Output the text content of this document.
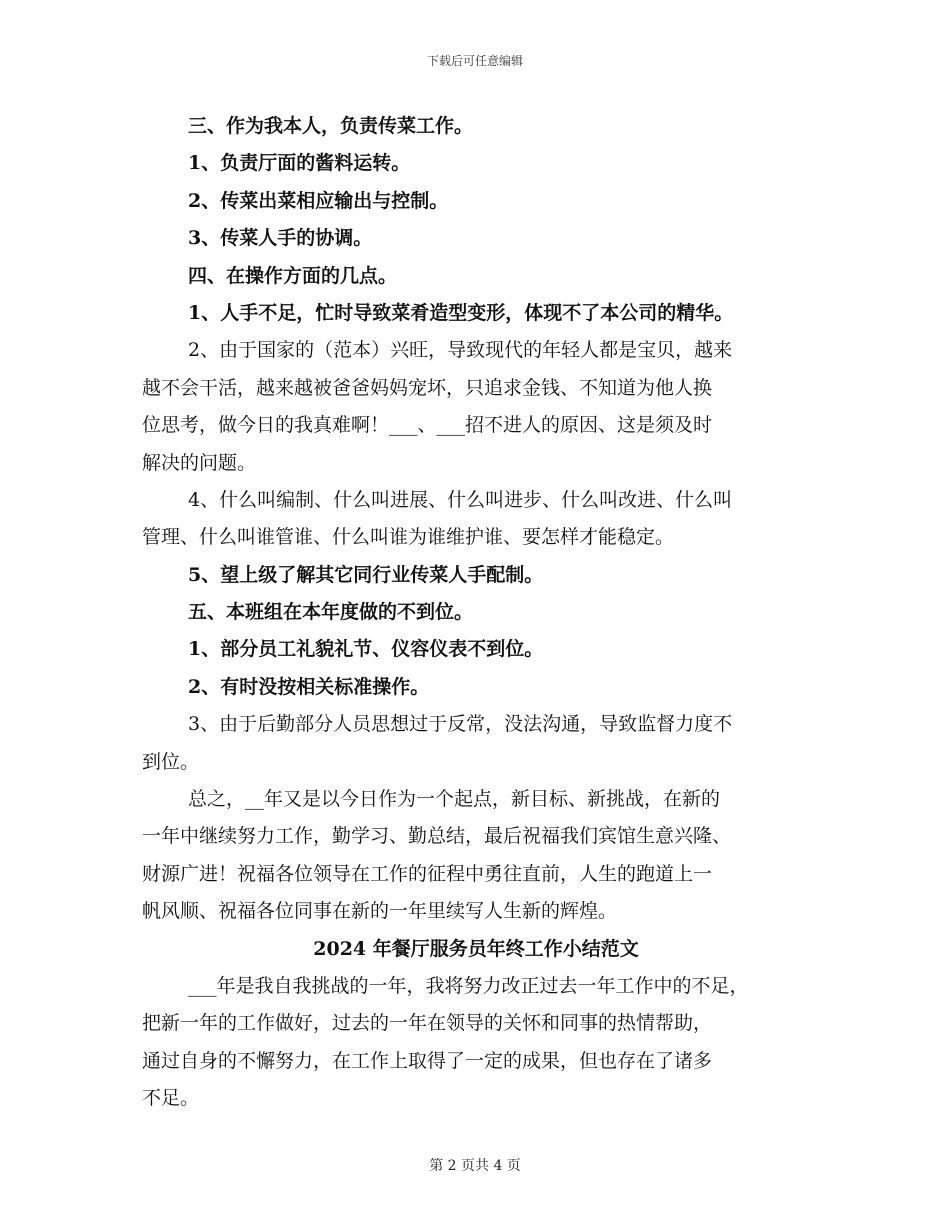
下载后可任意编辑
三、作为我本人，负责传菜工作。
1、负责厅面的酱料运转。
2、传菜出菜相应输出与控制。
3、传菜人手的协调。
四、在操作方面的几点。
1、人手不足，忙时导致菜肴造型变形，体现不了本公司的精华。
2、由于国家的（范本）兴旺，导致现代的年轻人都是宝贝，越来
越不会干活，越来越被爸爸妈妈宠坏，只追求金钱、不知道为他人换
位思考，做今日的我真难啊！___、___招不进人的原因、这是须及时
解决的问题。
4、什么叫编制、什么叫进展、什么叫进步、什么叫改进、什么叫
管理、什么叫谁管谁、什么叫谁为谁维护谁、要怎样才能稳定。
5、望上级了解其它同行业传菜人手配制。
五、本班组在本年度做的不到位。
1、部分员工礼貌礼节、仪容仪表不到位。
2、有时没按相关标准操作。
3、由于后勤部分人员思想过于反常，没法沟通，导致监督力度不
到位。
总之，__年又是以今日作为一个起点，新目标、新挑战，在新的
一年中继续努力工作，勤学习、勤总结，最后祝福我们宾馆生意兴隆、
财源广进！祝福各位领导在工作的征程中勇往直前，人生的跑道上一
帆风顺、祝福各位同事在新的一年里续写人生新的辉煌。
2024 年餐厅服务员年终工作小结范文
___年是我自我挑战的一年，我将努力改正过去一年工作中的不足，
把新一年的工作做好，过去的一年在领导的关怀和同事的热情帮助，
通过自身的不懈努力，在工作上取得了一定的成果，但也存在了诸多
不足。
第 2 页共 4 页
